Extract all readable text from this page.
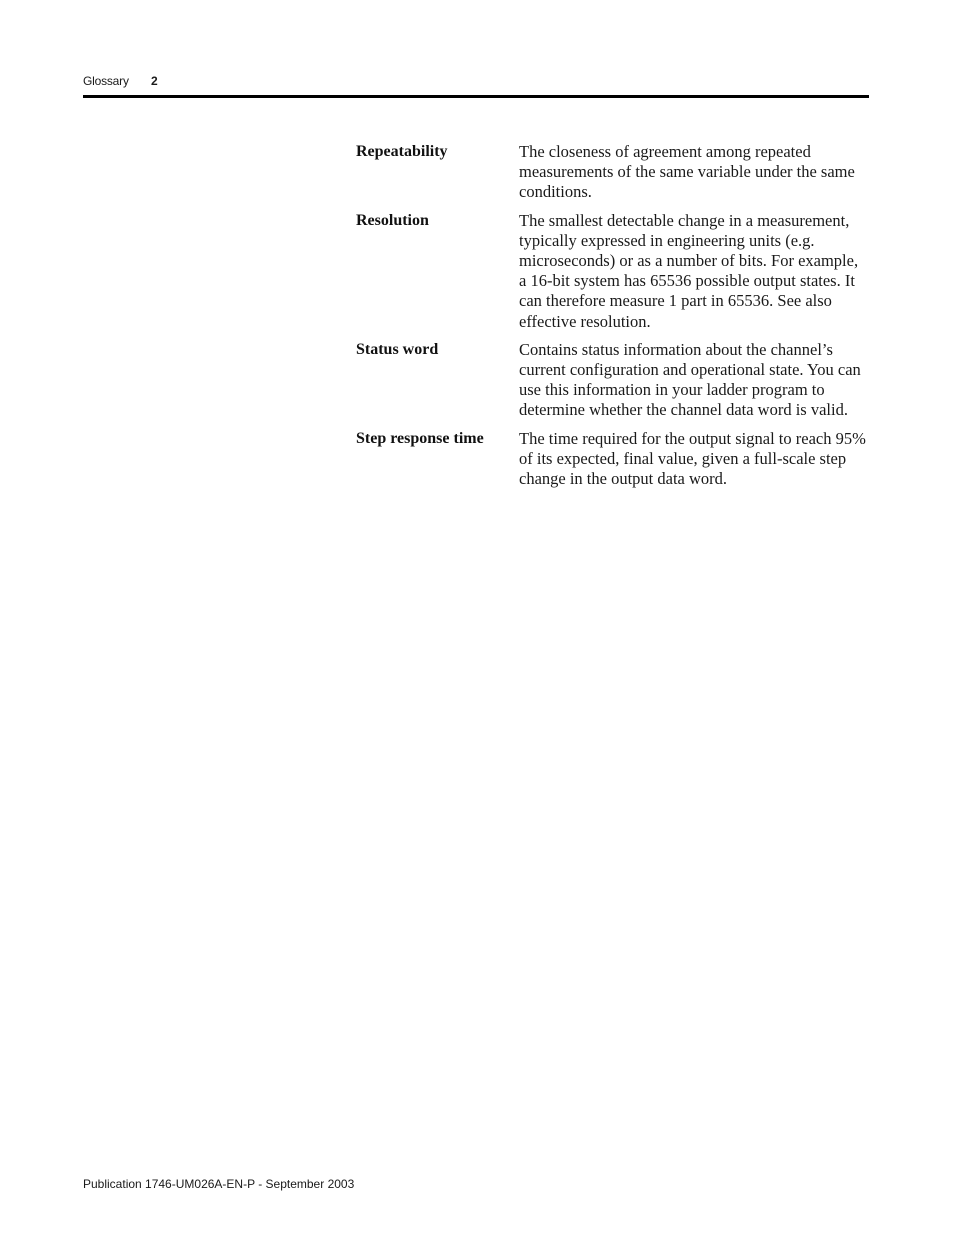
Glossary 2
Repeatability	The closeness of agreement among repeated measurements of the same variable under the same conditions.
Resolution	The smallest detectable change in a measurement, typically expressed in engineering units (e.g. microseconds) or as a number of bits. For example, a 16-bit system has 65536 possible output states. It can therefore measure 1 part in 65536. See also effective resolution.
Status word	Contains status information about the channel’s current configuration and operational state. You can use this information in your ladder program to determine whether the channel data word is valid.
Step response time	The time required for the output signal to reach 95% of its expected, final value, given a full-scale step change in the output data word.
Publication 1746-UM026A-EN-P - September 2003
